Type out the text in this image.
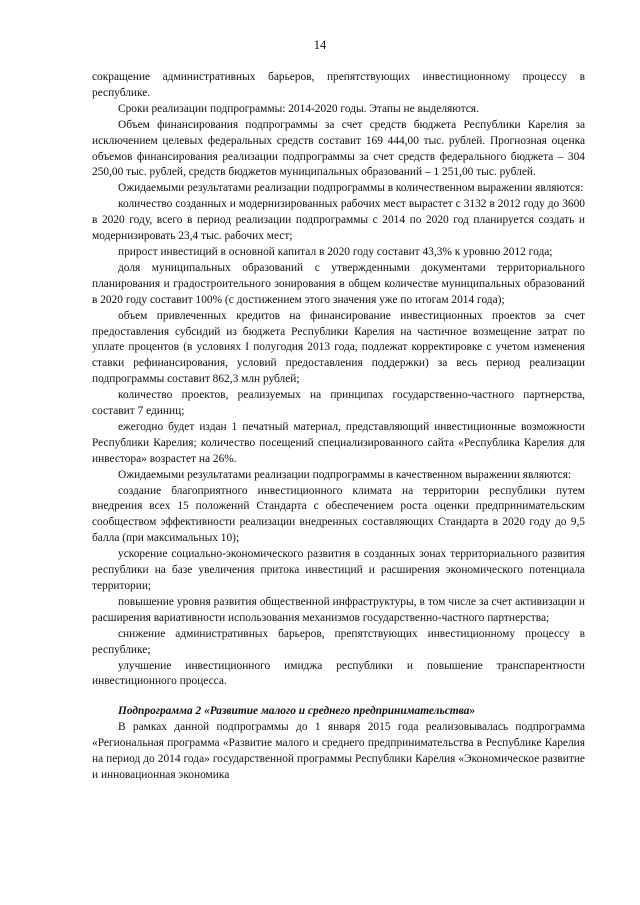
14

сокращение административных барьеров, препятствующих инвестиционному процессу в республике.

Сроки реализации подпрограммы: 2014-2020 годы. Этапы не выделяются.

Объем финансирования подпрограммы за счет средств бюджета Республики Карелия за исключением целевых федеральных средств составит 169 444,00 тыс. рублей. Прогнозная оценка объемов финансирования реализации подпрограммы за счет средств федерального бюджета – 304 250,00 тыс. рублей, средств бюджетов муниципальных образований – 1 251,00 тыс. рублей.

Ожидаемыми результатами реализации подпрограммы в количественном выражении являются:

количество созданных и модернизированных рабочих мест вырастет с 3132 в 2012 году до 3600 в 2020 году, всего в период реализации подпрограммы с 2014 по 2020 год планируется создать и модернизировать 23,4 тыс. рабочих мест;

прирост инвестиций в основной капитал в 2020 году составит 43,3% к уровню 2012 года;

доля муниципальных образований с утвержденными документами территориального планирования и градостроительного зонирования в общем количестве муниципальных образований в 2020 году составит 100% (с достижением этого значения уже по итогам 2014 года);

объем привлеченных кредитов на финансирование инвестиционных проектов за счет предоставления субсидий из бюджета Республики Карелия на частичное возмещение затрат по уплате процентов (в условиях I полугодия 2013 года, подлежат корректировке с учетом изменения ставки рефинансирования, условий предоставления поддержки) за весь период реализации подпрограммы составит 862,3 млн рублей;

количество проектов, реализуемых на принципах государственно-частного партнерства, составит 7 единиц;

ежегодно будет издан 1 печатный материал, представляющий инвестиционные возможности Республики Карелия; количество посещений специализированного сайта «Республика Карелия для инвестора» возрастет на 26%.

Ожидаемыми результатами реализации подпрограммы в качественном выражении являются:

создание благоприятного инвестиционного климата на территории республики путем внедрения всех 15 положений Стандарта с обеспечением роста оценки предпринимательским сообществом эффективности реализации внедренных составляющих Стандарта в 2020 году до 9,5 балла (при максимальных 10);

ускорение социально-экономического развития в созданных зонах территориального развития республики на базе увеличения притока инвестиций и расширения экономического потенциала территории;

повышение уровня развития общественной инфраструктуры, в том числе за счет активизации и расширения вариативности использования механизмов государственно-частного партнерства;

снижение административных барьеров, препятствующих инвестиционному процессу в республике;

улучшение инвестиционного имиджа республики и повышение транспарентности инвестиционного процесса.

Подпрограмма 2 «Развитие малого и среднего предпринимательства»

В рамках данной подпрограммы до 1 января 2015 года реализовывалась подпрограмма «Региональная программа «Развитие малого и среднего предпринимательства в Республике Карелия на период до 2014 года» государственной программы Республики Карелия «Экономическое развитие и инновационная экономика
